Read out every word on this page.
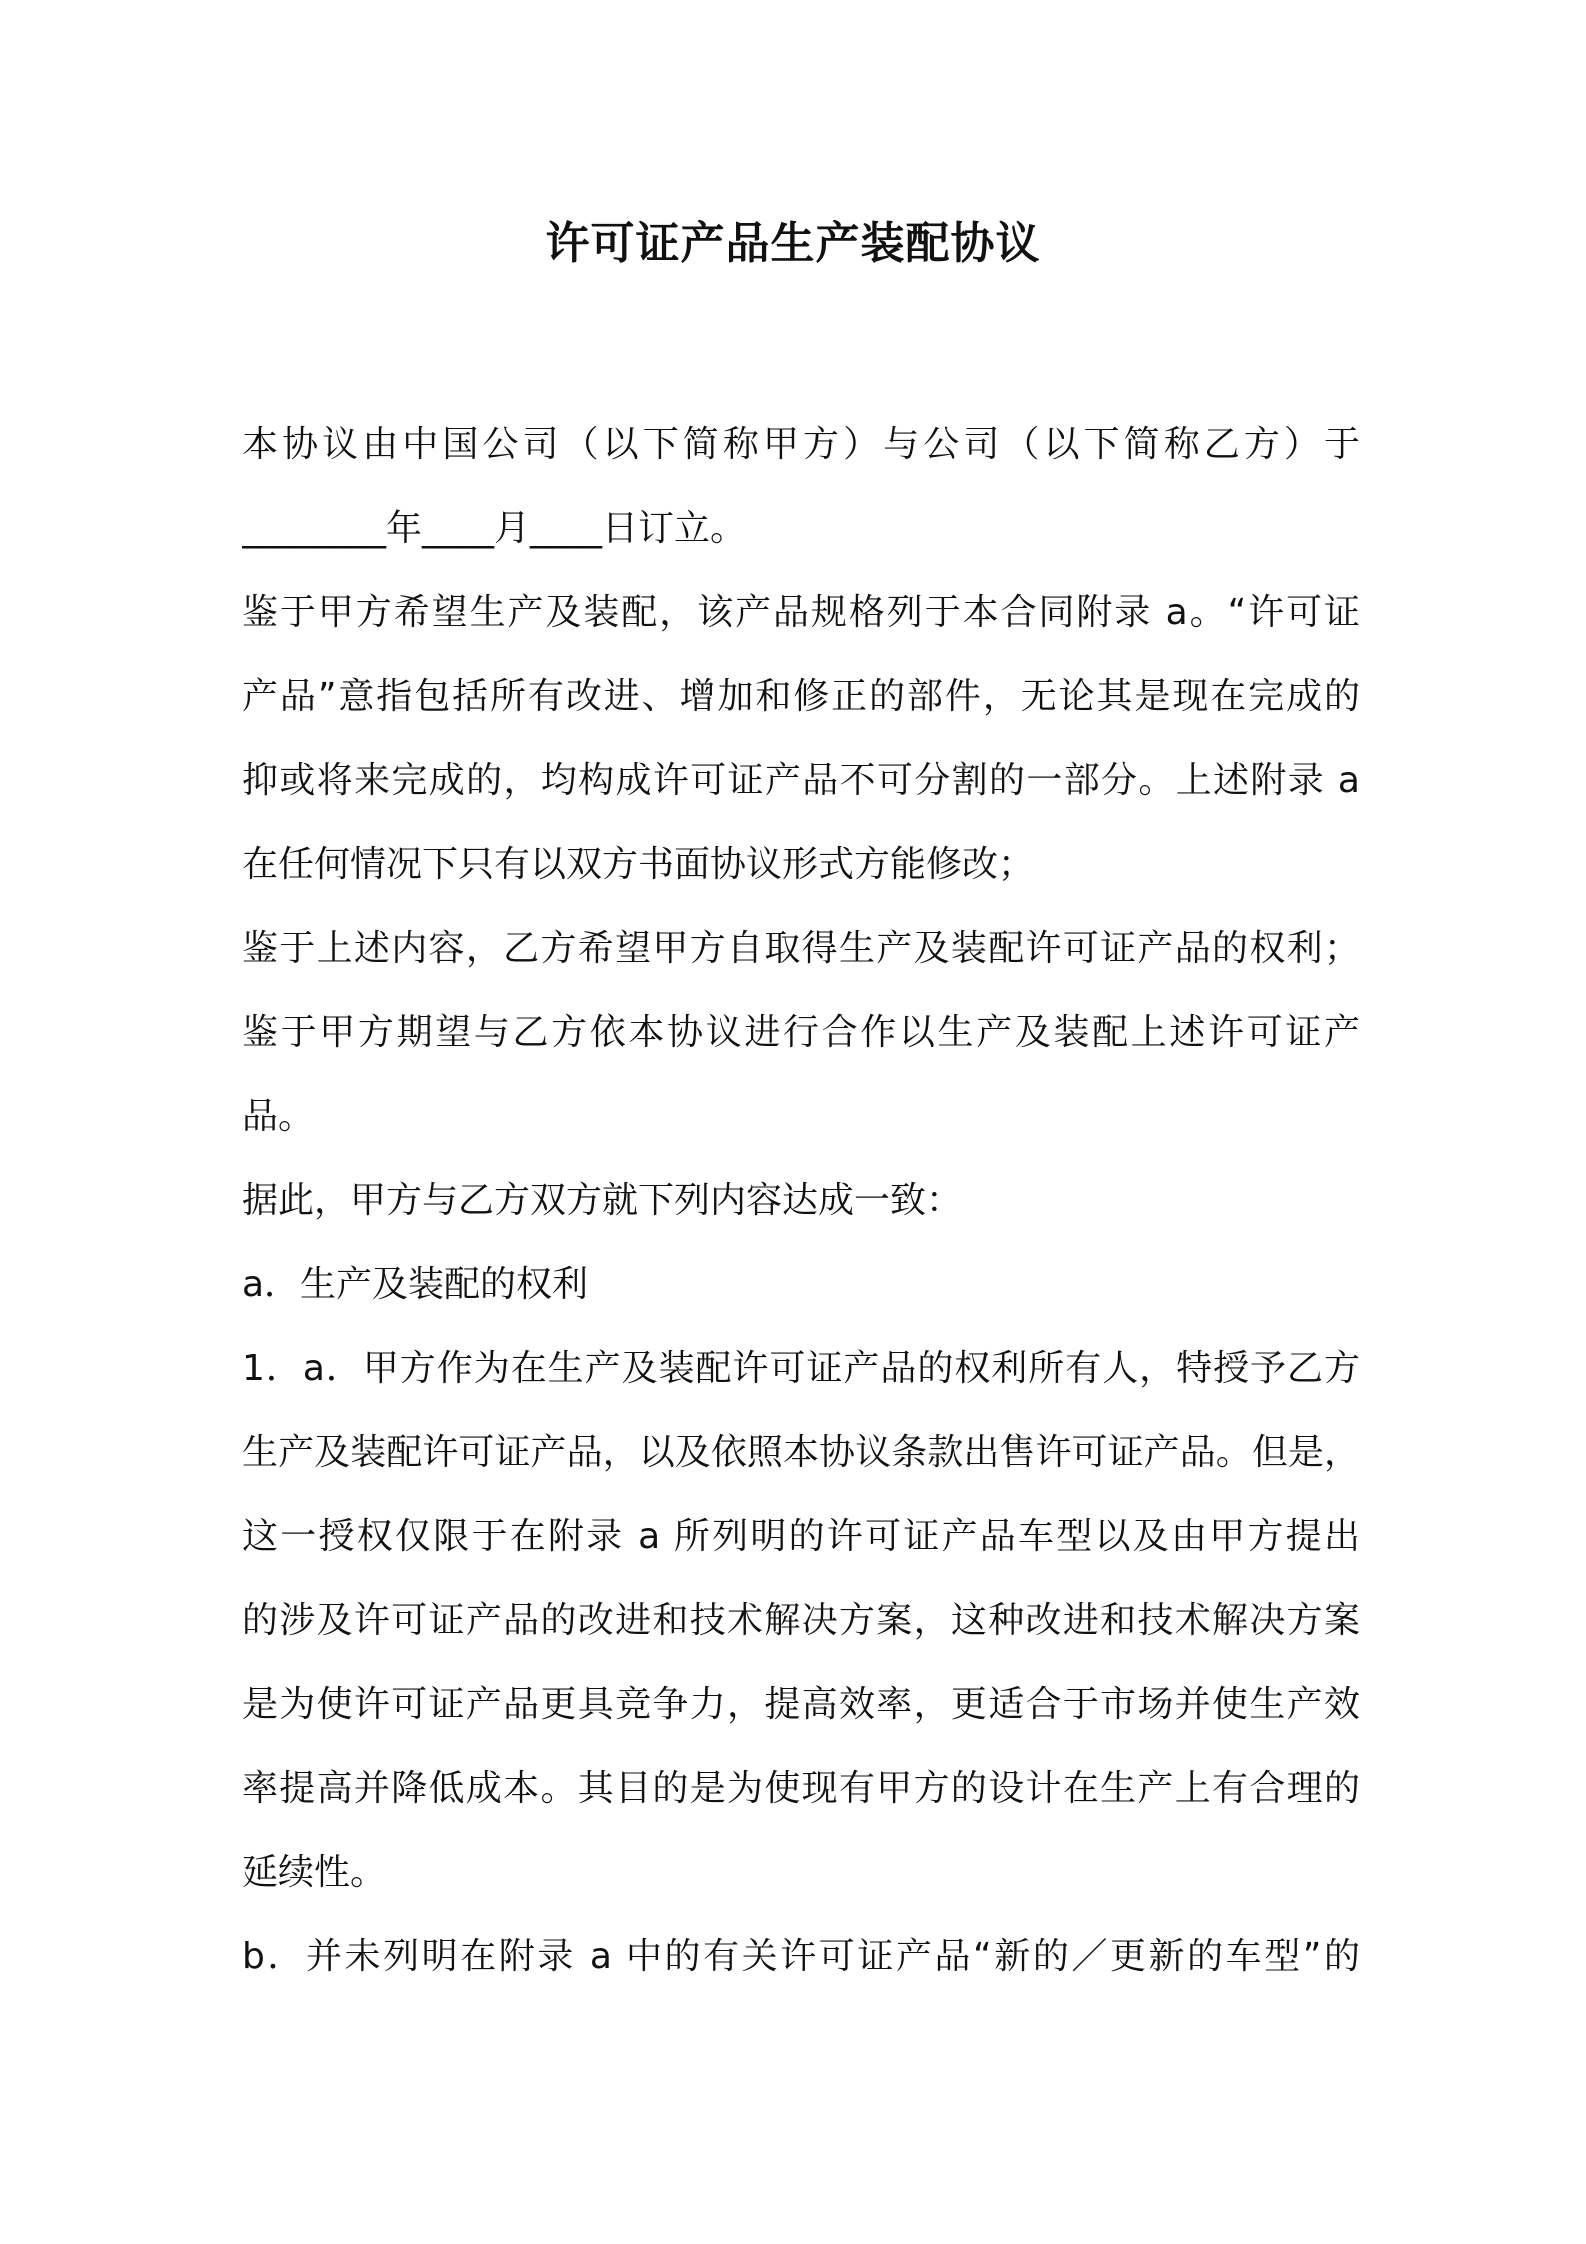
许可证产品生产装配协议
本协议由中国公司（以下简称甲方）与公司（以下简称乙方）于
________年____月____日订立。
鉴于甲方希望生产及装配，该产品规格列于本合同附录 a。“许可证
产品”意指包括所有改进、增加和修正的部件，无论其是现在完成的
抑或将来完成的，均构成许可证产品不可分割的一部分。上述附录 a
在任何情况下只有以双方书面协议形式方能修改；
鉴于上述内容，乙方希望甲方自取得生产及装配许可证产品的权利；
鉴于甲方期望与乙方依本协议进行合作以生产及装配上述许可证产
品。
据此，甲方与乙方双方就下列内容达成一致：
a．生产及装配的权利
1．a．甲方作为在生产及装配许可证产品的权利所有人，特授予乙方
生产及装配许可证产品，以及依照本协议条款出售许可证产品。但是，
这一授权仅限于在附录 a 所列明的许可证产品车型以及由甲方提出
的涉及许可证产品的改进和技术解决方案，这种改进和技术解决方案
是为使许可证产品更具竞争力，提高效率，更适合于市场并使生产效
率提高并降低成本。其目的是为使现有甲方的设计在生产上有合理的
延续性。
b．并未列明在附录 a 中的有关许可证产品“新的／更新的车型”的
